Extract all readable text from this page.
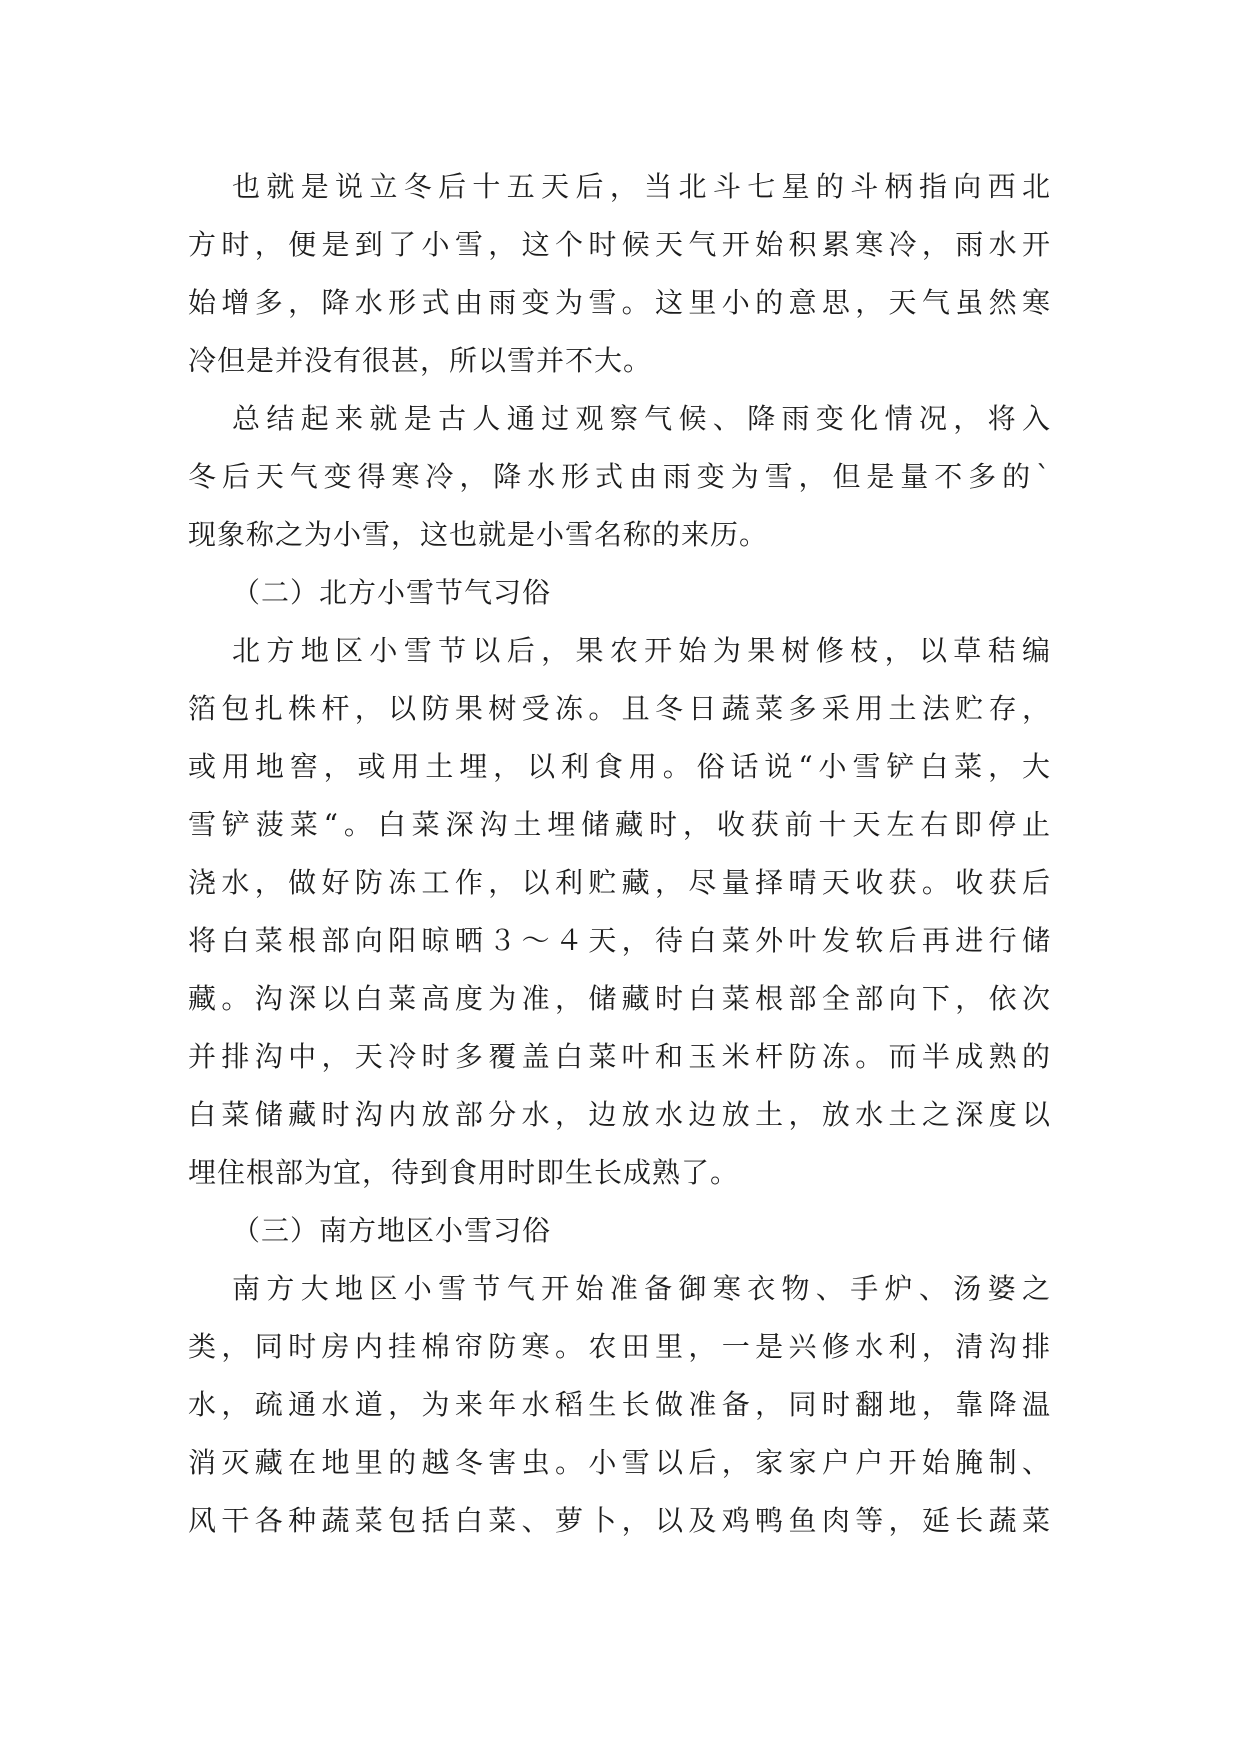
也就是说立冬后十五天后，当北斗七星的斗柄指向西北
方时，便是到了小雪，这个时候天气开始积累寒冷，雨水开
始增多，降水形式由雨变为雪。这里小的意思，天气虽然寒
冷但是并没有很甚，所以雪并不大。
总结起来就是古人通过观察气候、降雨变化情况，将入
冬后天气变得寒冷，降水形式由雨变为雪，但是量不多的`
现象称之为小雪，这也就是小雪名称的来历。
（二）北方小雪节气习俗
北方地区小雪节以后，果农开始为果树修枝，以草秸编
箔包扎株杆，以防果树受冻。且冬日蔬菜多采用土法贮存，
或用地窖，或用土埋，以利食用。俗话说“小雪铲白菜，大
雪铲菠菜“。白菜深沟土埋储藏时，收获前十天左右即停止
浇水，做好防冻工作，以利贮藏，尽量择晴天收获。收获后
将白菜根部向阳晾晒３～４天，待白菜外叶发软后再进行储
藏。沟深以白菜高度为准，储藏时白菜根部全部向下，依次
并排沟中，天冷时多覆盖白菜叶和玉米杆防冻。而半成熟的
白菜储藏时沟内放部分水，边放水边放土，放水土之深度以
埋住根部为宜，待到食用时即生长成熟了。
（三）南方地区小雪习俗
南方大地区小雪节气开始准备御寒衣物、手炉、汤婆之
类，同时房内挂棉帘防寒。农田里，一是兴修水利，清沟排
水，疏通水道，为来年水稻生长做准备，同时翻地，靠降温
消灭藏在地里的越冬害虫。小雪以后，家家户户开始腌制、
风干各种蔬菜包括白菜、萝卜，以及鸡鸭鱼肉等，延长蔬菜
